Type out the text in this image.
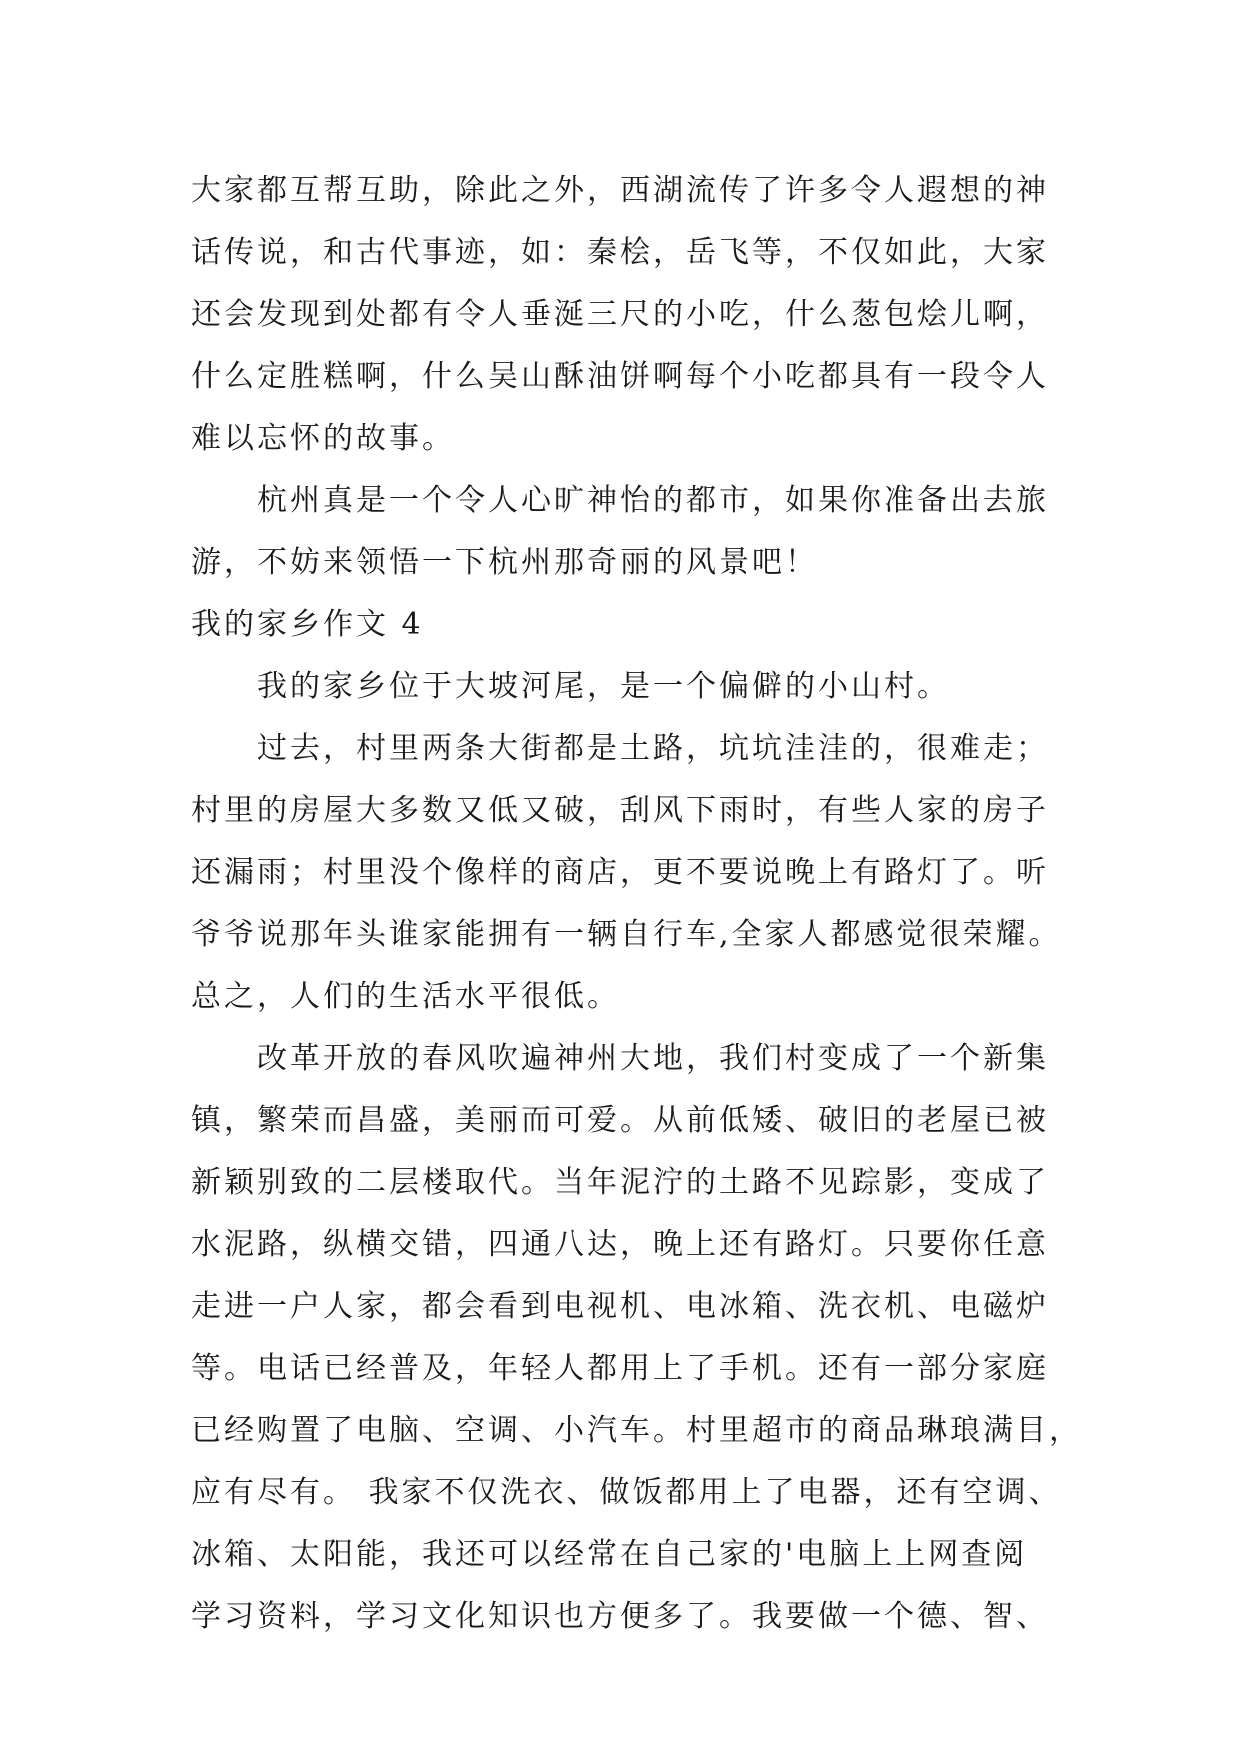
大家都互帮互助，除此之外，西湖流传了许多令人遐想的神
话传说，和古代事迹，如：秦桧，岳飞等，不仅如此，大家
还会发现到处都有令人垂涎三尺的小吃，什么葱包烩儿啊，
什么定胜糕啊，什么吴山酥油饼啊每个小吃都具有一段令人
难以忘怀的故事。
杭州真是一个令人心旷神怡的都市，如果你准备出去旅
游，不妨来领悟一下杭州那奇丽的风景吧！
我的家乡作文 4
我的家乡位于大坡河尾，是一个偏僻的小山村。
过去，村里两条大街都是土路，坑坑洼洼的，很难走；
村里的房屋大多数又低又破，刮风下雨时，有些人家的房子
还漏雨；村里没个像样的商店，更不要说晚上有路灯了。听
爷爷说那年头谁家能拥有一辆自行车,全家人都感觉很荣耀。
总之，人们的生活水平很低。
改革开放的春风吹遍神州大地，我们村变成了一个新集
镇，繁荣而昌盛，美丽而可爱。从前低矮、破旧的老屋已被
新颖别致的二层楼取代。当年泥泞的土路不见踪影，变成了
水泥路，纵横交错，四通八达，晚上还有路灯。只要你任意
走进一户人家，都会看到电视机、电冰箱、洗衣机、电磁炉
等。电话已经普及，年轻人都用上了手机。还有一部分家庭
已经购置了电脑、空调、小汽车。村里超市的商品琳琅满目，
应有尽有。 我家不仅洗衣、做饭都用上了电器，还有空调、
冰箱、太阳能，我还可以经常在自己家的'电脑上上网查阅
学习资料，学习文化知识也方便多了。我要做一个德、智、
